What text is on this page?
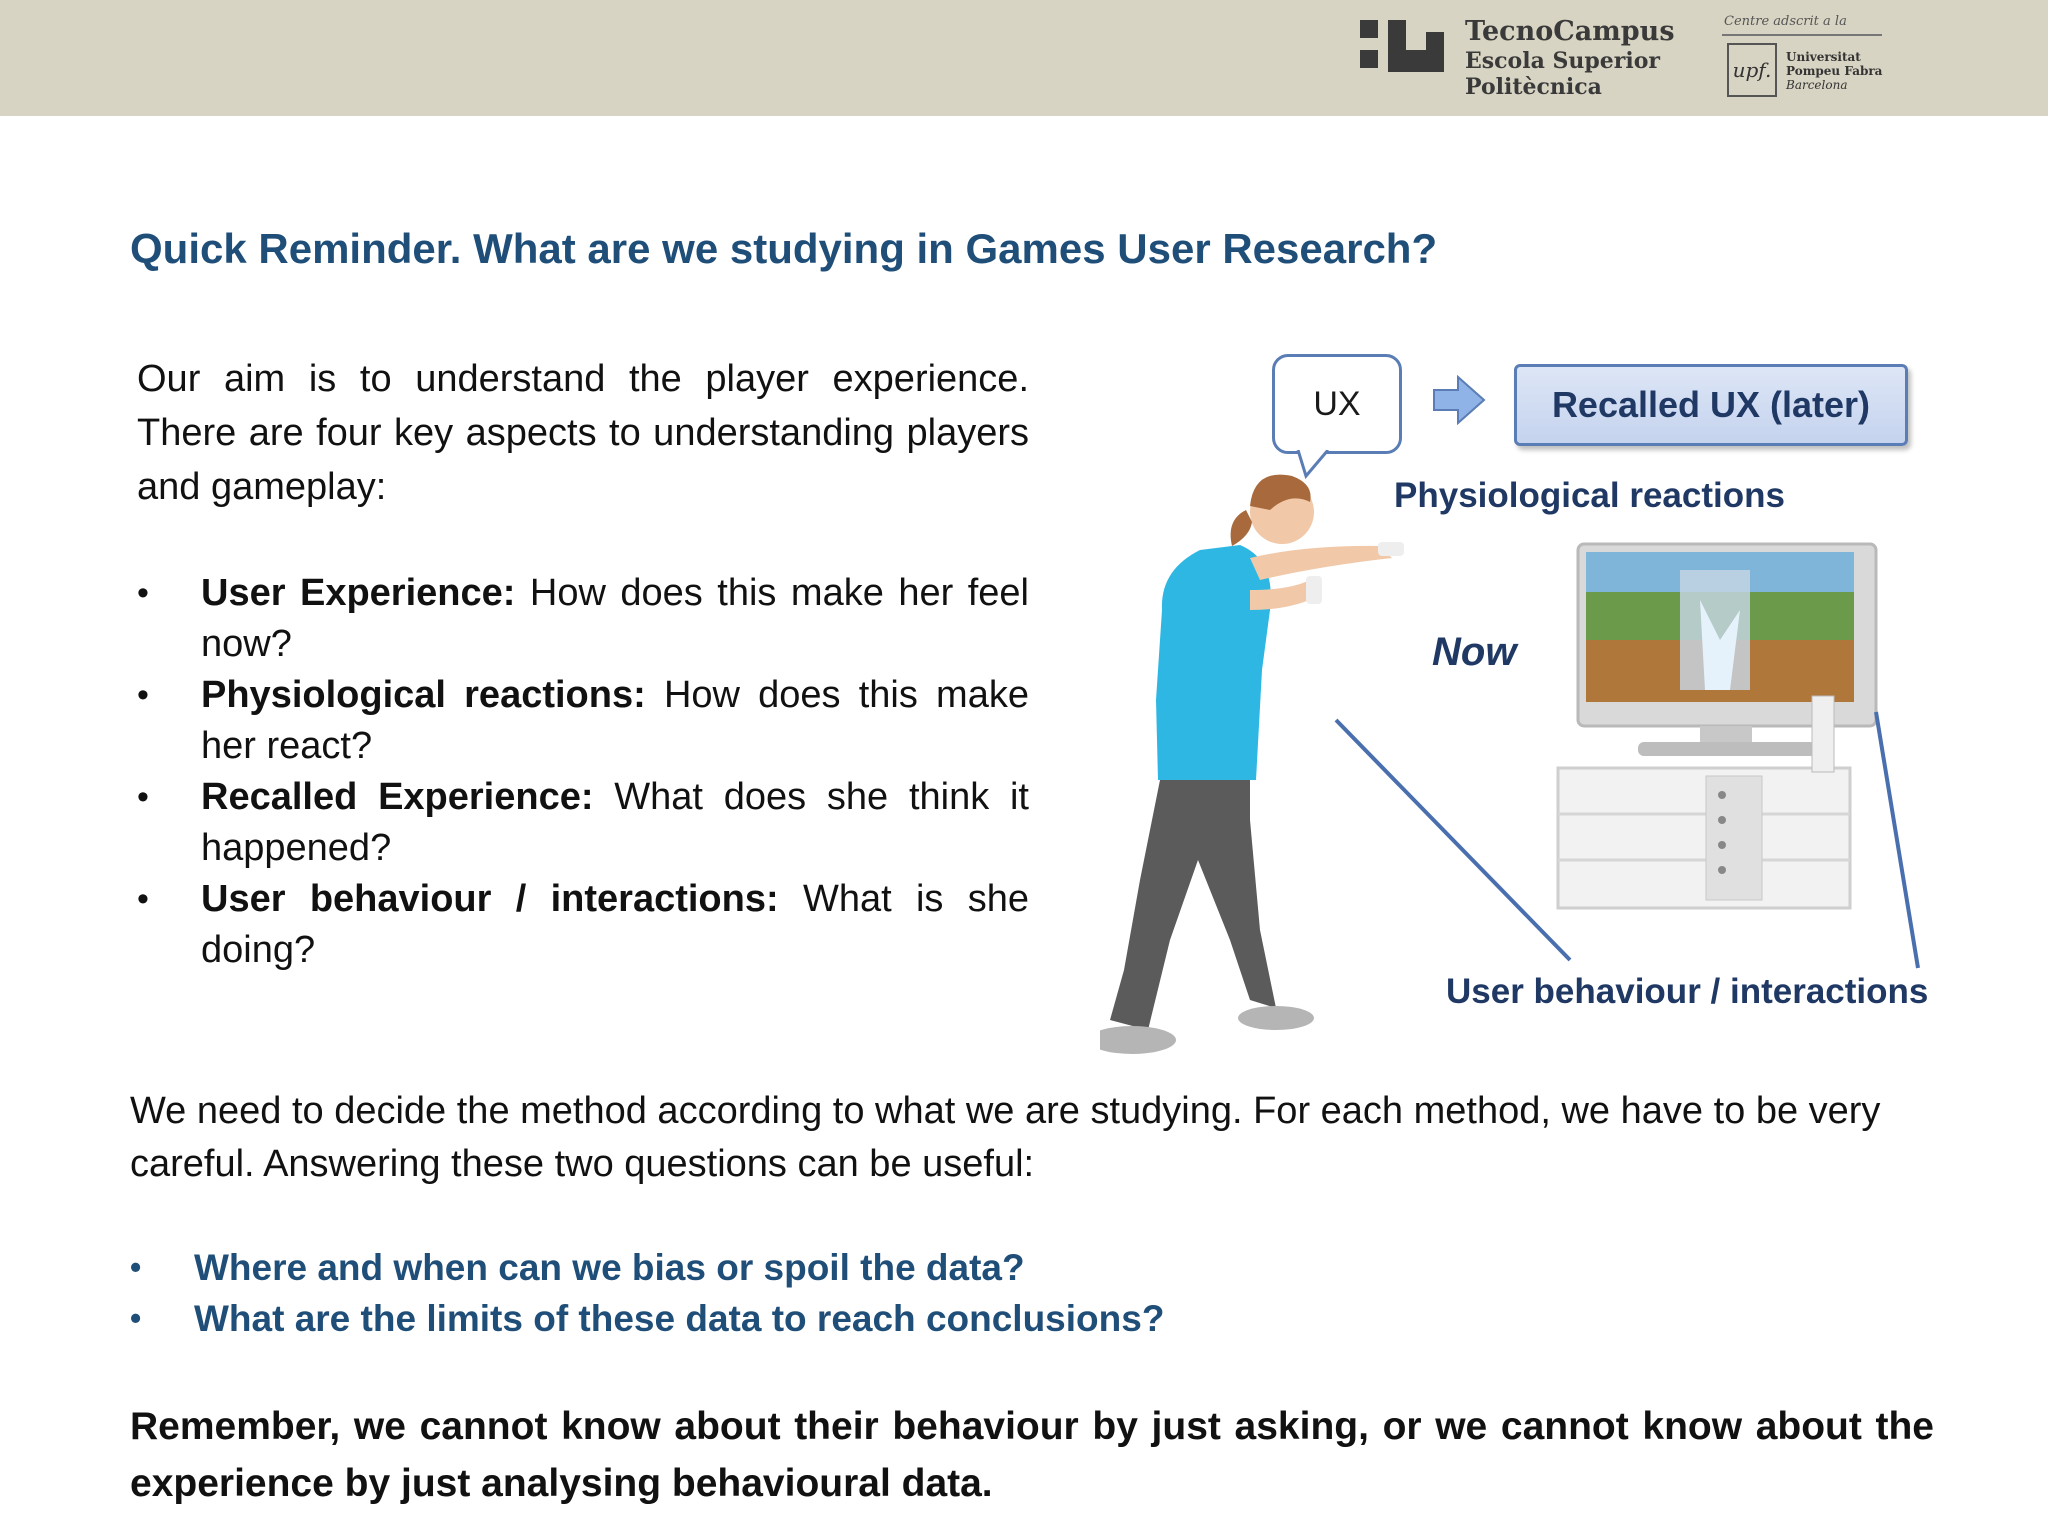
TecnoCampus
Escola Superior
Politècnica
Centre adscrit a la
upf.
Universitat
Pompeu Fabra
Barcelona
Quick Reminder. What are we studying in Games User Research?
Our aim is to understand the player experience. There are four key aspects to understanding players and gameplay:
•	User Experience: How does this make her feel now?
•	Physiological reactions: How does this make her react?
•	Recalled Experience: What does she think it happened?
•	User behaviour / interactions: What is she doing?
UX	Recalled UX (later)
Physiological reactions
Now
User behaviour / interactions
We need to decide the method according to what we are studying. For each method, we have to be very careful. Answering these two questions can be useful:
• Where and when can we bias or spoil the data?
• What are the limits of these data to reach conclusions?
Remember, we cannot know about their behaviour by just asking, or we cannot know about the experience by just analysing behavioural data.
